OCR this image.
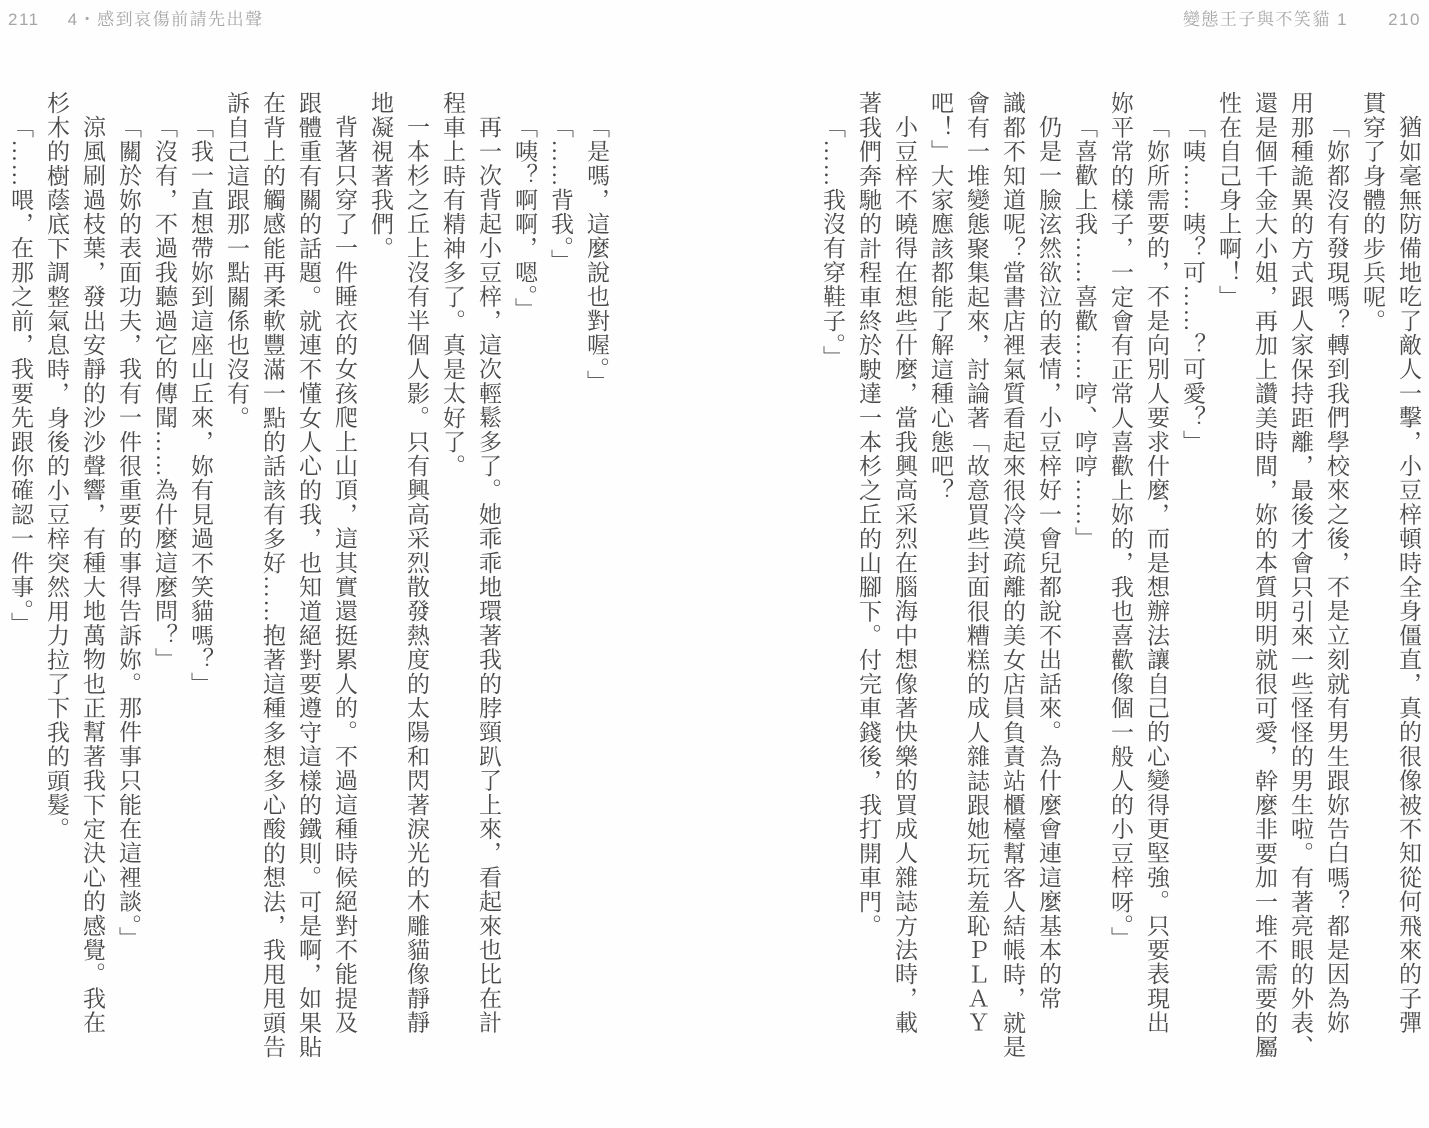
211 4・感到哀傷前請先出聲	變態王子與不笑貓 1 210
猶如毫無防備地吃了敵人一擊，小豆梓頓時全身僵直，真的很像被不知從何飛來的子彈
貫穿了身體的步兵呢。
「妳都沒有發現嗎？轉到我們學校來之後，不是立刻就有男生跟妳告白嗎？都是因為妳
用那種詭異的方式跟人家保持距離，最後才會只引來一些怪怪的男生啦。有著亮眼的外表、
還是個千金大小姐，再加上讚美時間，妳的本質明明就很可愛，幹麼非要加一堆不需要的屬
性在自己身上啊！」
「咦……咦？可……？可愛？」
「妳所需要的，不是向別人要求什麼，而是想辦法讓自己的心變得更堅強。只要表現出
妳平常的樣子，一定會有正常人喜歡上妳的，我也喜歡像個一般人的小豆梓呀。」
「喜歡上我……喜歡……哼、哼哼……」
仍是一臉泫然欲泣的表情，小豆梓好一會兒都說不出話來。為什麼會連這麼基本的常
識都不知道呢？當書店裡氣質看起來很冷漠疏離的美女店員負責站櫃檯幫客人結帳時，就是
會有一堆變態聚集起來，討論著「故意買些封面很糟糕的成人雜誌跟她玩玩羞恥ＰＬＡＹ
吧！」大家應該都能了解這種心態吧？
小豆梓不曉得在想些什麼，當我興高采烈在腦海中想像著快樂的買成人雜誌方法時，載
著我們奔馳的計程車終於駛達一本杉之丘的山腳下。付完車錢後，我打開車門。
「……我沒有穿鞋子。」
「是嗎，這麼說也對喔。」
「……背我。」
「咦？啊啊，嗯。」
再一次背起小豆梓，這次輕鬆多了。她乖乖地環著我的脖頸趴了上來，看起來也比在計
程車上時有精神多了。真是太好了。
一本杉之丘上沒有半個人影。只有興高采烈散發熱度的太陽和閃著淚光的木雕貓像靜靜
地凝視著我們。
背著只穿了一件睡衣的女孩爬上山頂，這其實還挺累人的。不過這種時候絕對不能提及
跟體重有關的話題。就連不懂女人心的我，也知道絕對要遵守這樣的鐵則。可是啊，如果貼
在背上的觸感能再柔軟豐滿一點的話該有多好……抱著這種多想多心酸的想法，我甩甩頭告
訴自己這跟那一點關係也沒有。
「我一直想帶妳到這座山丘來，妳有見過不笑貓嗎？」
「沒有，不過我聽過它的傳聞……為什麼這麼問？」
「關於妳的表面功夫，我有一件很重要的事得告訴妳。那件事只能在這裡談。」
涼風刷過枝葉，發出安靜的沙沙聲響，有種大地萬物也正幫著我下定決心的感覺。我在
杉木的樹蔭底下調整氣息時，身後的小豆梓突然用力拉了下我的頭髮。
「……喂，在那之前，我要先跟你確認一件事。」
